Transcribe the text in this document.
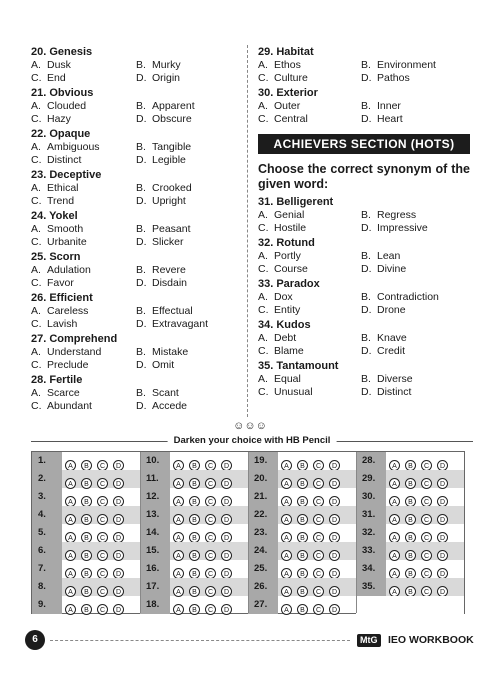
20. Genesis
A. Dusk	B. Murky
C. End	D. Origin
21. Obvious
A. Clouded	B. Apparent
C. Hazy	D. Obscure
22. Opaque
A. Ambiguous	B. Tangible
C. Distinct	D. Legible
23. Deceptive
A. Ethical	B. Crooked
C. Trend	D. Upright
24. Yokel
A. Smooth	B. Peasant
C. Urbanite	D. Slicker
25. Scorn
A. Adulation	B. Revere
C. Favor	D. Disdain
26. Efficient
A. Careless	B. Effectual
C. Lavish	D. Extravagant
27. Comprehend
A. Understand	B. Mistake
C. Preclude	D. Omit
28. Fertile
A. Scarce	B. Scant
C. Abundant	D. Accede
29. Habitat
A. Ethos	B. Environment
C. Culture	D. Pathos
30. Exterior
A. Outer	B. Inner
C. Central	D. Heart
ACHIEVERS SECTION (HOTS)
Choose the correct synonym of the given word:
31. Belligerent
A. Genial	B. Regress
C. Hostile	D. Impressive
32. Rotund
A. Portly	B. Lean
C. Course	D. Divine
33. Paradox
A. Dox	B. Contradiction
C. Entity	D. Drone
34. Kudos
A. Debt	B. Knave
C. Blame	D. Credit
35. Tantamount
A. Equal	B. Diverse
C. Unusual	D. Distinct
☺☺☺
Darken your choice with HB Pencil
1.
A B C D
2.
A B C D
3.
A B C D
4.
A B C D
5.
A B C D
6.
A B C D
7.
A B C D
8.
A B C D
9.
A B C D
10.
A B C D
11.
A B C D
12.
A B C D
13.
A B C D
14.
A B C D
15.
A B C D
16.
A B C D
17.
A B C D
18.
A B C D
19.
A B C D
20.
A B C D
21.
A B C D
22.
A B C D
23.
A B C D
24.
A B C D
25.
A B C D
26.
A B C D
27.
A B C D
28.
A B C D
29.
A B C D
30.
A B C D
31.
A B C D
32.
A B C D
33.
A B C D
34.
A B C D
35.
A B C D
6	MtG IEO WORKBOOK
